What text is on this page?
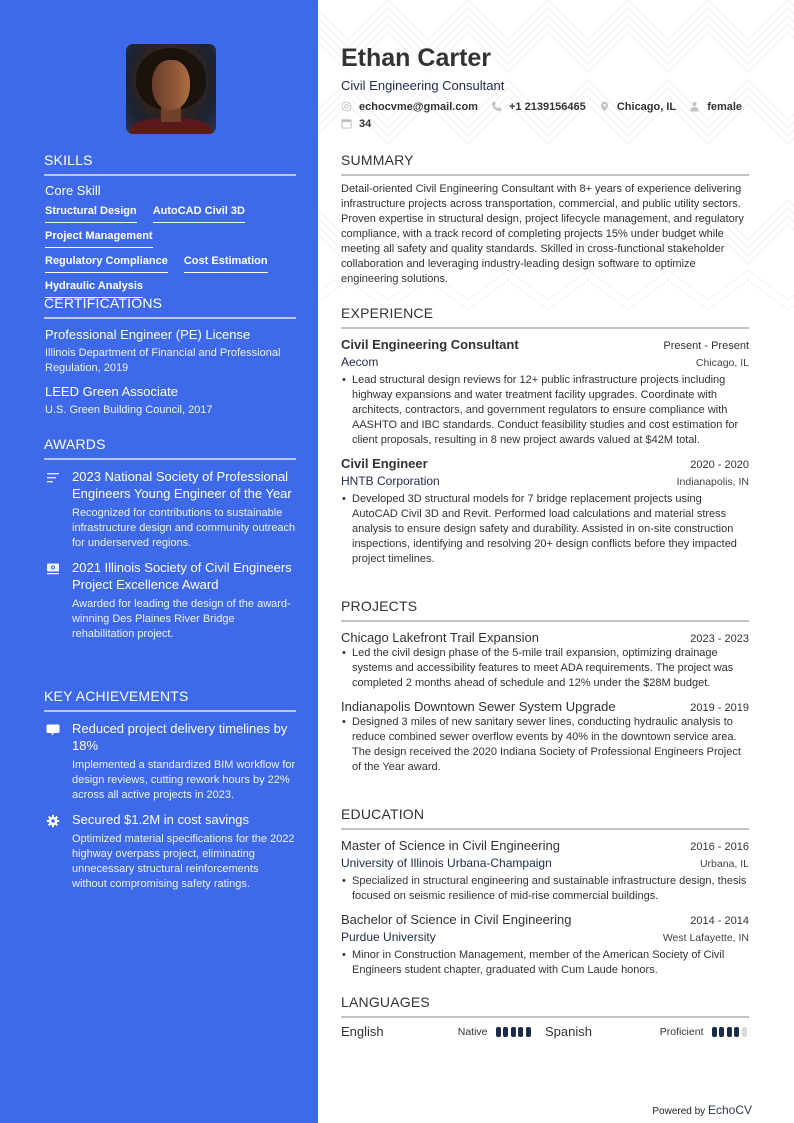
SKILLS
Core Skill
Structural Design AutoCAD Civil 3D
Project Management
Regulatory Compliance Cost Estimation
Hydraulic Analysis
CERTIFICATIONS
Professional Engineer (PE) License
Illinois Department of Financial and Professional Regulation, 2019
LEED Green Associate
U.S. Green Building Council, 2017
AWARDS
2023 National Society of Professional Engineers Young Engineer of the Year
Recognized for contributions to sustainable infrastructure design and community outreach for underserved regions.
2021 Illinois Society of Civil Engineers Project Excellence Award
Awarded for leading the design of the award-winning Des Plaines River Bridge rehabilitation project.
KEY ACHIEVEMENTS
Reduced project delivery timelines by 18%
Implemented a standardized BIM workflow for design reviews, cutting rework hours by 22% across all active projects in 2023.
Secured $1.2M in cost savings
Optimized material specifications for the 2022 highway overpass project, eliminating unnecessary structural reinforcements without compromising safety ratings.
Ethan Carter
Civil Engineering Consultant
echocvme@gmail.com
	+1 2139156465
	Chicago, IL
	female

34
SUMMARY

Detail-oriented Civil Engineering Consultant with 8+ years of experience delivering infrastructure projects across transportation, commercial, and public utility sectors. Proven expertise in structural design, project lifecycle management, and regulatory compliance, with a track record of completing projects 15% under budget while meeting all safety and quality standards. Skilled in cross-functional stakeholder collaboration and leveraging industry-leading design software to optimize engineering solutions.

EXPERIENCE
Civil Engineering Consultant	Present - Present
Aecom	Chicago, IL
• Lead structural design reviews for 12+ public infrastructure projects including highway expansions and water treatment facility upgrades. Coordinate with architects, contractors, and government regulators to ensure compliance with AASHTO and IBC standards. Conduct feasibility studies and cost estimation for client proposals, resulting in 8 new project awards valued at $42M total.
Civil Engineer	2020 - 2020
HNTB Corporation	Indianapolis, IN
• Developed 3D structural models for 7 bridge replacement projects using AutoCAD Civil 3D and Revit. Performed load calculations and material stress analysis to ensure design safety and durability. Assisted in on-site construction inspections, identifying and resolving 20+ design conflicts before they impacted project timelines.
PROJECTS
Chicago Lakefront Trail Expansion	2023 - 2023
• Led the civil design phase of the 5-mile trail expansion, optimizing drainage systems and accessibility features to meet ADA requirements. The project was completed 2 months ahead of schedule and 12% under the $28M budget.
Indianapolis Downtown Sewer System Upgrade	2019 - 2019
• Designed 3 miles of new sanitary sewer lines, conducting hydraulic analysis to reduce combined sewer overflow events by 40% in the downtown service area. The design received the 2020 Indiana Society of Professional Engineers Project of the Year award.
EDUCATION
Master of Science in Civil Engineering	2016 - 2016
University of Illinois Urbana-Champaign	Urbana, IL
• Specialized in structural engineering and sustainable infrastructure design, thesis focused on seismic resilience of mid-rise commercial buildings.
Bachelor of Science in Civil Engineering	2014 - 2014
Purdue University	West Lafayette, IN
• Minor in Construction Management, member of the American Society of Civil Engineers student chapter, graduated with Cum Laude honors.
LANGUAGES
English	Native	Spanish	Proficient
Powered by EchoCV
